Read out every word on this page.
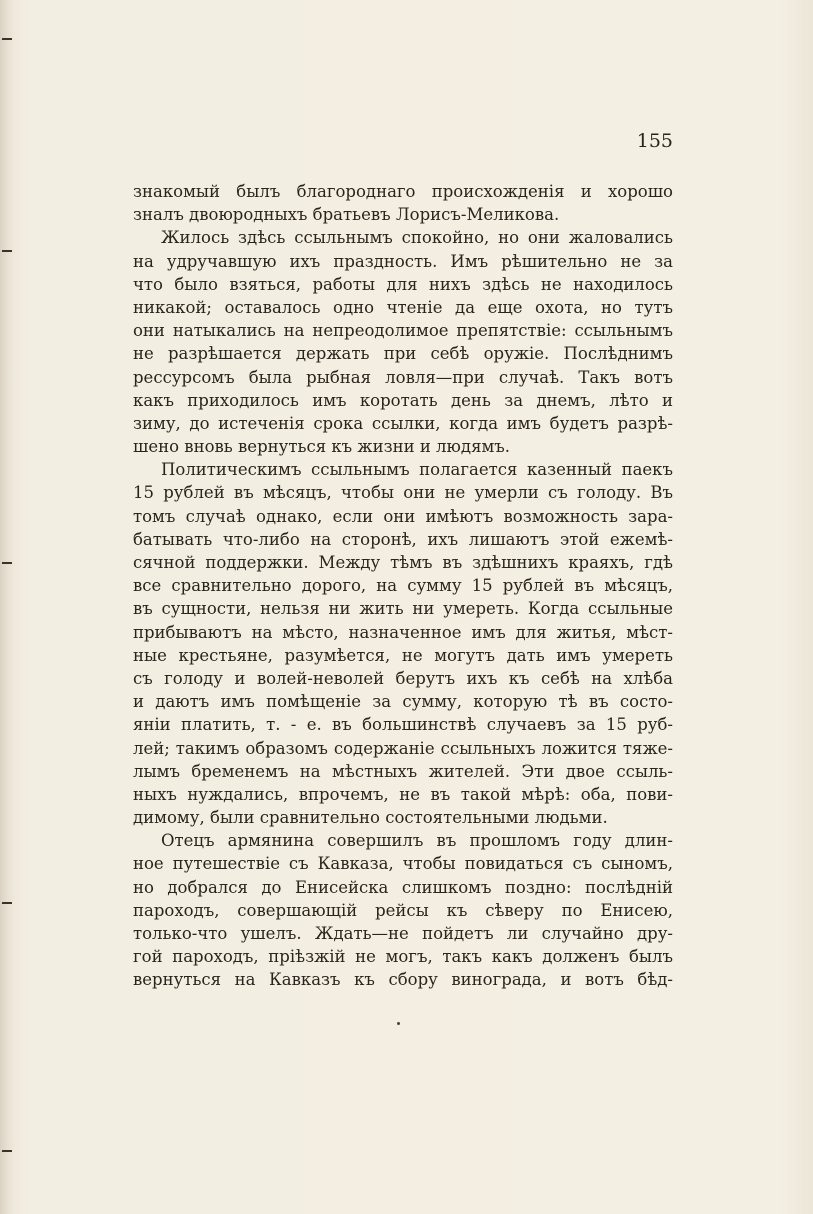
155
знакомый былъ благороднаго происхожденія и хорошо
зналъ двоюродныхъ братьевъ Лорисъ-Меликова.
Жилось здѣсь ссыльнымъ спокойно, но они жаловались
на удручавшую ихъ праздность. Имъ рѣшительно не за
что было взяться, работы для нихъ здѣсь не находилось
никакой; оставалось одно чтеніе да еще охота, но тутъ
они натыкались на непреодолимое препятствіе: ссыльнымъ
не разрѣшается держать при себѣ оружіе. Послѣднимъ
рессурсомъ была рыбная ловля—при случаѣ. Такъ вотъ
какъ приходилось имъ коротать день за днемъ, лѣто и
зиму, до истеченія срока ссылки, когда имъ будетъ разрѣ-
шено вновь вернуться къ жизни и людямъ.
Политическимъ ссыльнымъ полагается казенный паекъ
15 рублей въ мѣсяцъ, чтобы они не умерли съ голоду. Въ
томъ случаѣ однако, если они имѣютъ возможность зара-
батывать что-либо на сторонѣ, ихъ лишаютъ этой ежемѣ-
сячной поддержки. Между тѣмъ въ здѣшнихъ краяхъ, гдѣ
все сравнительно дорого, на сумму 15 рублей въ мѣсяцъ,
въ сущности, нельзя ни жить ни умереть. Когда ссыльные
прибываютъ на мѣсто, назначенное имъ для житья, мѣст-
ные крестьяне, разумѣется, не могутъ дать имъ умереть
съ голоду и волей-неволей берутъ ихъ къ себѣ на хлѣба
и даютъ имъ помѣщеніе за сумму, которую тѣ въ состо-
яніи платить, т. - е. въ большинствѣ случаевъ за 15 руб-
лей; такимъ образомъ содержаніе ссыльныхъ ложится тяже-
лымъ бременемъ на мѣстныхъ жителей. Эти двое ссыль-
ныхъ нуждались, впрочемъ, не въ такой мѣрѣ: оба, пови-
димому, были сравнительно состоятельными людьми.
Отецъ армянина совершилъ въ прошломъ году длин-
ное путешествіе съ Кавказа, чтобы повидаться съ сыномъ,
но добрался до Енисейска слишкомъ поздно: послѣдній
пароходъ, совершающій рейсы къ сѣверу по Енисею,
только-что ушелъ. Ждать—не пойдетъ ли случайно дру-
гой пароходъ, пріѣзжій не могъ, такъ какъ долженъ былъ
вернуться на Кавказъ къ сбору винограда, и вотъ бѣд-
